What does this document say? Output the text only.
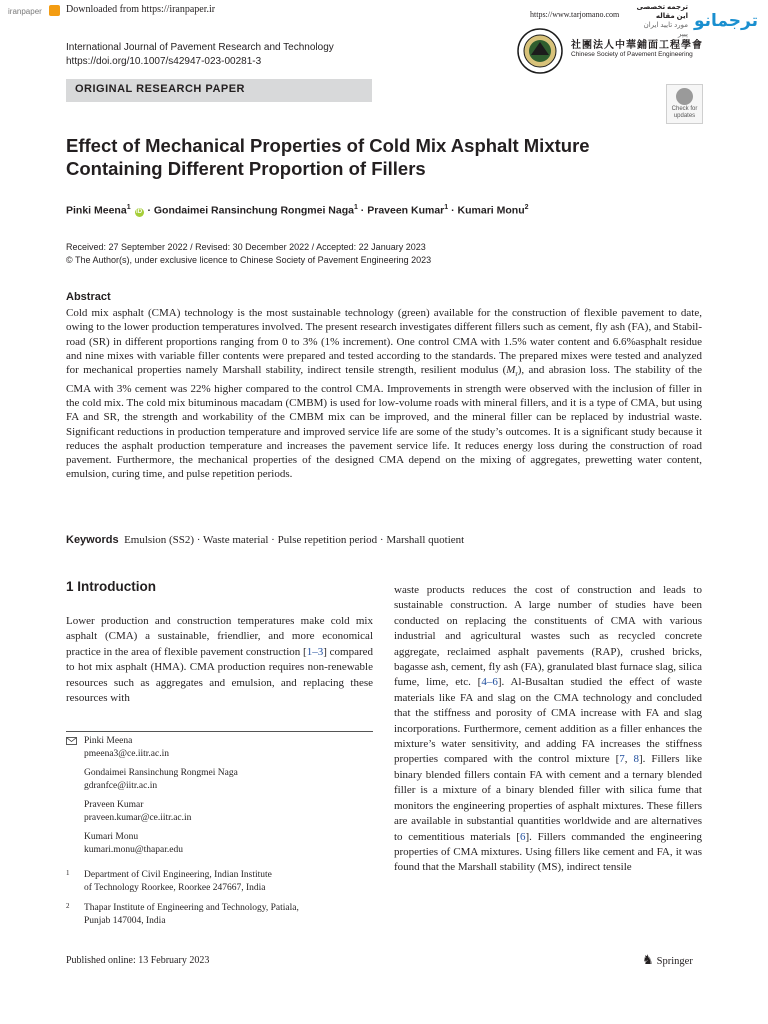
iranpaper Downloaded from https://iranpaper.ir	https://www.tarjomano.com
ترجمه تخصصی این مقاله
مورد تایید ایران پیپر
ترجمانو
International Journal of Pavement Research and Technology
https://doi.org/10.1007/s42947-023-00281-3
社團法人中華鋪面工程學會
Chinese Society of Pavement Engineering
ORIGINAL RESEARCH PAPER
Check for updates
Effect of Mechanical Properties of Cold Mix Asphalt Mixture
Containing Different Proportion of Fillers
Pinki Meena$^1$ iD · Gondaimei Ransinchung Rongmei Naga$^1$ · Praveen Kumar$^1$ · Kumari Monu$^2$
Received: 27 September 2022 / Revised: 30 December 2022 / Accepted: 22 January 2023
© The Author(s), under exclusive licence to Chinese Society of Pavement Engineering 2023
Abstract
Cold mix asphalt (CMA) technology is the most sustainable technology (green) available for the construction of flexible pavement to date, owing to the lower production temperatures involved. The present research investigates different fillers such as cement, fly ash (FA), and Stabil-road (SR) in different proportions ranging from 0 to 3% (1% increment). One control CMA with 1.5% water content and 6.6%asphalt residue and nine mixes with variable filler contents were prepared and tested according to the standards. The prepared mixes were tested and analyzed for mechanical properties namely Marshall stability, indirect tensile strength, resilient modulus $(M_r)$, and abrasion loss. The stability of the CMA with 3% cement was 22% higher compared to the control CMA. Improvements in strength were observed with the inclusion of filler in the cold mix. The cold mix bituminous macadam (CMBM) is used for low-volume roads with mineral fillers, and it is a type of CMA, but using FA and SR, the strength and workability of the CMBM mix can be improved, and the mineral filler can be replaced by industrial waste. Significant reductions in production temperature and improved service life are some of the study’s outcomes. It is a significant study because it reduces the asphalt production temperature and increases the pavement service life. It reduces energy loss during the construction of road pavement. Furthermore, the mechanical properties of the designed CMA depend on the mixing of aggregates, prewetting water content, emulsion, curing time, and pulse repetition periods.
Keywords Emulsion (SS2) · Waste material · Pulse repetition period · Marshall quotient
1 Introduction
Lower production and construction temperatures make cold mix asphalt (CMA) a sustainable, friendlier, and more economical practice in the area of flexible pavement construction [1–3] compared to hot mix asphalt (HMA). CMA production requires non-renewable resources such as aggregates and emulsion, and replacing these resources with
waste products reduces the cost of construction and leads to sustainable construction. A large number of studies have been conducted on replacing the constituents of CMA with various industrial and agricultural wastes such as recycled concrete aggregate, reclaimed asphalt pavements (RAP), crushed bricks, bagasse ash, cement, fly ash (FA), granulated blast furnace slag, silica fume, lime, etc. [4–6]. Al-Busaltan studied the effect of waste materials like FA and slag on the CMA technology and concluded that the stiffness and porosity of CMA increase with FA and slag incorporations. Furthermore, cement addition as a filler enhances the mixture’s water sensitivity, and adding FA increases the stiffness properties compared with the control mixture [7, 8]. Fillers like binary blended fillers contain FA with cement and a ternary blended filler is a mixture of a binary blended filler with silica fume that monitors the engineering properties of asphalt mixtures. These fillers are available in substantial quantities worldwide and are alternatives to cementitious materials [6]. Fillers commanded the engineering properties of CMA mixtures. Using fillers like cement and FA, it was found that the Marshall stability (MS), indirect tensile
Pinki Meena
pmeena3@ce.iitr.ac.in
Gondaimei Ransinchung Rongmei Naga
gdranfce@iitr.ac.in
Praveen Kumar
praveen.kumar@ce.iitr.ac.in
Kumari Monu
kumari.monu@thapar.edu
1 Department of Civil Engineering, Indian Institute
of Technology Roorkee, Roorkee 247667, India
2 Thapar Institute of Engineering and Technology, Patiala,
Punjab 147004, India
Published online: 13 February 2023	♞ Springer
